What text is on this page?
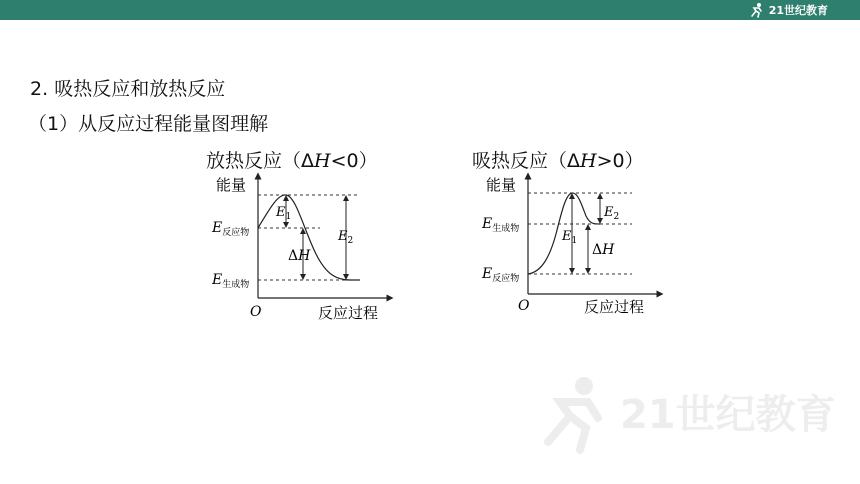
21世纪教育
2. 吸热反应和放热反应
（1）从反应过程能量图理解
放热反应（ΔH<0）	吸热反应（ΔH>0）
能量
反应过程
O
$E_{反应物}$
$E_{生成物}$
$E_1$
ΔH
$E_2$
能量
反应过程
O
$E_{生成物}$
$E_{反应物}$
$E_1$
$E_2$
ΔH
21世纪教育
